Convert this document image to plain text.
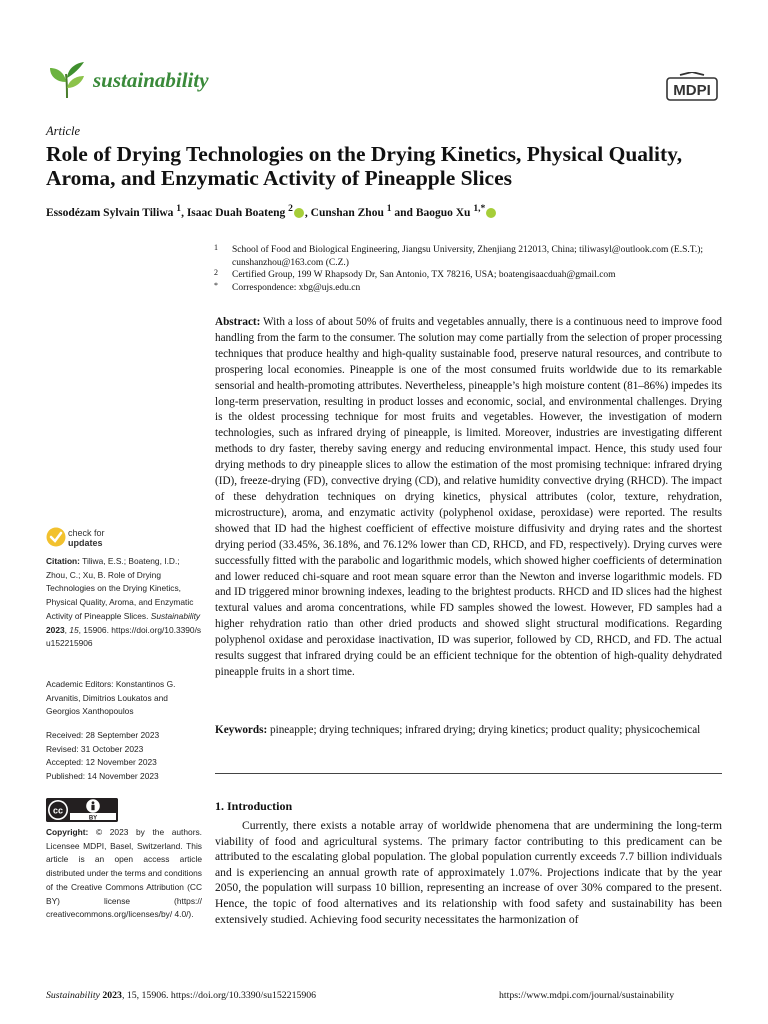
sustainability	MDPI
Article
Role of Drying Technologies on the Drying Kinetics, Physical Quality, Aroma, and Enzymatic Activity of Pineapple Slices
Essodézam Sylvain Tiliwa $^1$, Isaac Duah Boateng $^2$ , Cunshan Zhou $^1$ and Baoguo Xu $^{1,*}$
1 School of Food and Biological Engineering, Jiangsu University, Zhenjiang 212013, China; tiliwasyl@outlook.com (E.S.T.); cunshanzhou@163.com (C.Z.)
2 Certified Group, 199 W Rhapsody Dr, San Antonio, TX 78216, USA; boatengisaacduah@gmail.com
* Correspondence: xbg@ujs.edu.cn
Abstract: With a loss of about 50% of fruits and vegetables annually, there is a continuous need to improve food handling from the farm to the consumer. The solution may come partially from the selection of proper processing techniques that produce healthy and high-quality sustainable food, preserve natural resources, and contribute to prospering local economies. Pineapple is one of the most consumed fruits worldwide due to its remarkable sensorial and health-promoting attributes. Nevertheless, pineapple’s high moisture content (81–86%) impedes its long-term preservation, resulting in product losses and economic, social, and environmental challenges. Drying is the oldest processing technique for most fruits and vegetables. However, the investigation of modern technologies, such as infrared drying of pineapple, is limited. Moreover, industries are investigating different methods to dry faster, thereby saving energy and reducing environmental impact. Hence, this study used four drying methods to dry pineapple slices to allow the estimation of the most promising technique: infrared drying (ID), freeze-drying (FD), convective drying (CD), and relative humidity convective drying (RHCD). The impact of these dehydration techniques on drying kinetics, physical attributes (color, texture, rehydration, microstructure), aroma, and enzymatic activity (polyphenol oxidase, peroxidase) were reported. The results showed that ID had the highest coefficient of effective moisture diffusivity and drying rates and the shortest drying period (33.45%, 36.18%, and 76.12% lower than CD, RHCD, and FD, respectively). Drying curves were successfully fitted with the parabolic and logarithmic models, which showed higher coefficients of determination and lower reduced chi-square and root mean square error than the Newton and inverse logarithmic models. FD and ID triggered minor browning indexes, leading to the brightest products. RHCD and ID slices had the highest textural values and aroma concentrations, while FD samples showed the lowest. However, FD samples had a higher rehydration ratio than other dried products and showed slight structural modifications. Regarding polyphenol oxidase and peroxidase inactivation, ID was superior, followed by CD, RHCD, and FD. The actual results suggest that infrared drying could be an efficient technique for the obtention of high-quality dehydrated pineapple fruits in a short time.
Keywords: pineapple; drying techniques; infrared drying; drying kinetics; product quality; physicochemical
1. Introduction
Currently, there exists a notable array of worldwide phenomena that are undermining the long-term viability of food and agricultural systems. The primary factor contributing to this predicament can be attributed to the escalating global population. The global population currently exceeds 7.7 billion individuals and is experiencing an annual growth rate of approximately 1.07%. Projections indicate that by the year 2050, the population will surpass 10 billion, representing an increase of over 30% compared to the present. Hence, the topic of food alternatives and its relationship with food safety and sustainability has been extensively studied. Achieving food security necessitates the harmonization of
check for
updates
Citation: Tiliwa, E.S.; Boateng, I.D.; Zhou, C.; Xu, B. Role of Drying Technologies on the Drying Kinetics, Physical Quality, Aroma, and Enzymatic Activity of Pineapple Slices. Sustainability 2023, 15, 15906. https://doi.org/10.3390/su152215906
Academic Editors: Konstantinos G. Arvanitis, Dimitrios Loukatos and Georgios Xanthopoulos
Received: 28 September 2023
Revised: 31 October 2023
Accepted: 12 November 2023
Published: 14 November 2023
cc
BY
Copyright: © 2023 by the authors. Licensee MDPI, Basel, Switzerland. This article is an open access article distributed under the terms and conditions of the Creative Commons Attribution (CC BY) license (https:// creativecommons.org/licenses/by/ 4.0/).
Sustainability 2023, 15, 15906. https://doi.org/10.3390/su152215906	https://www.mdpi.com/journal/sustainability
